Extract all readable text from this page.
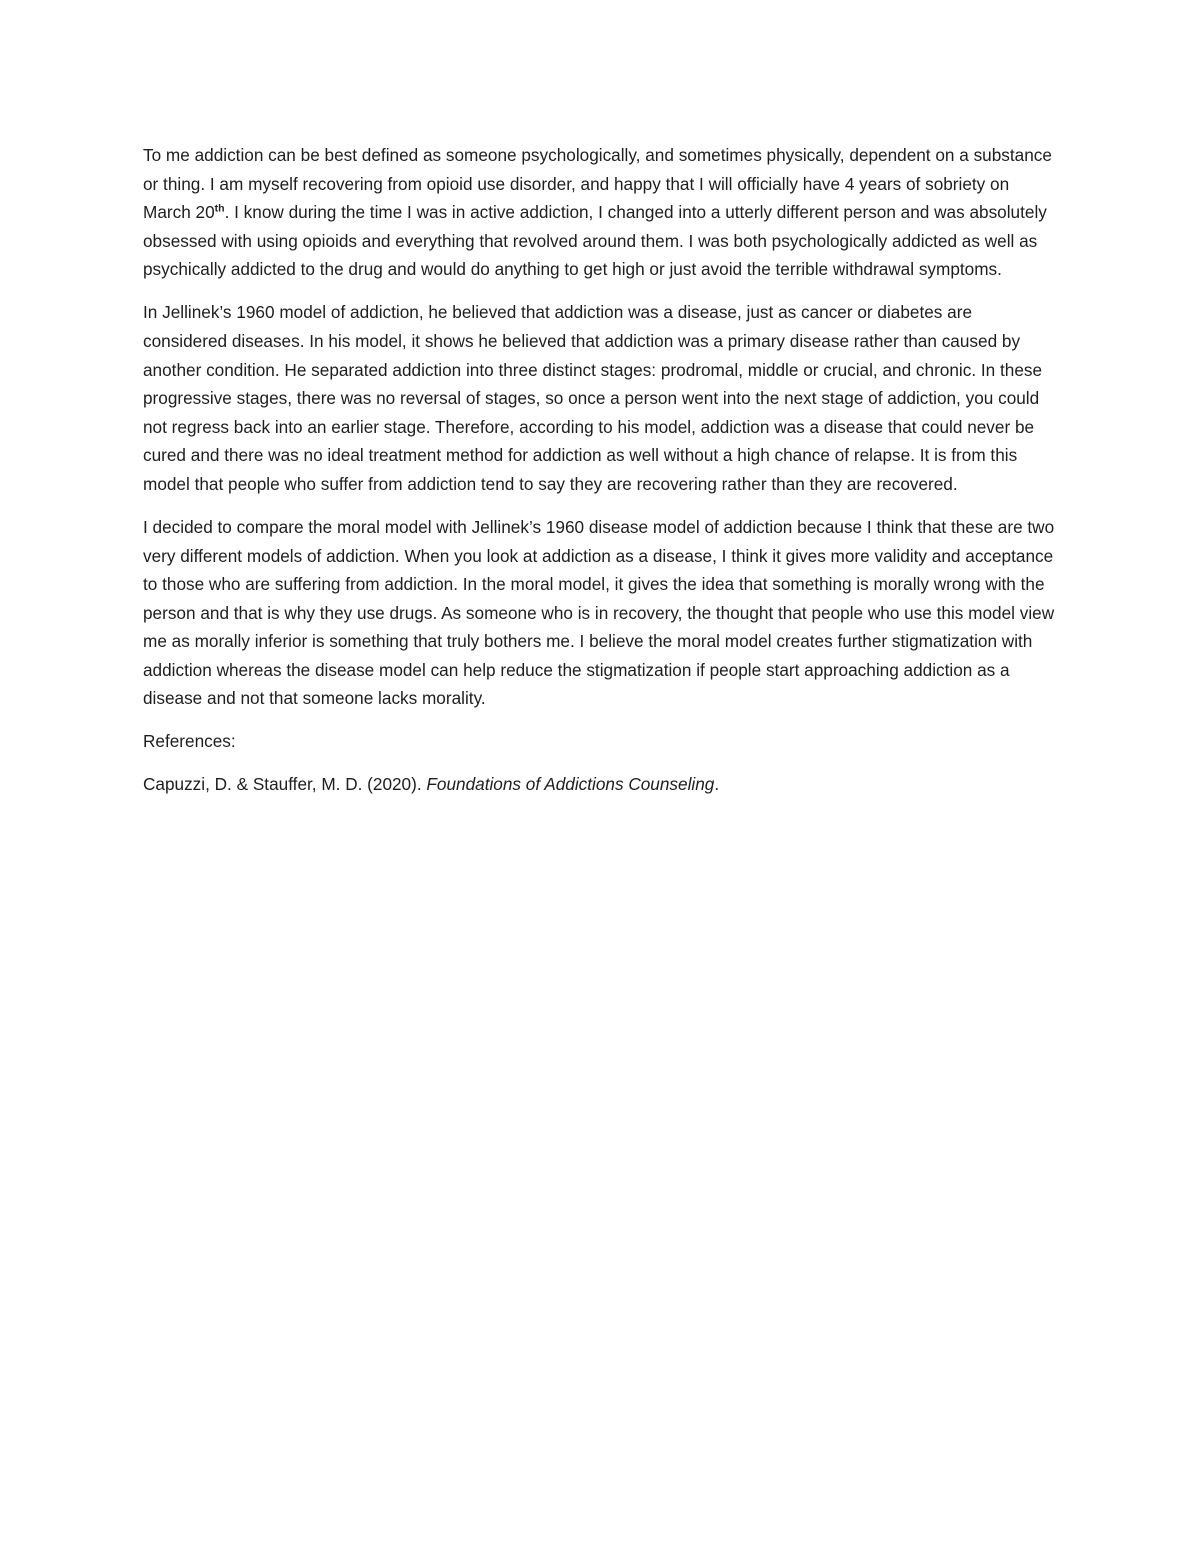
To me addiction can be best defined as someone psychologically, and sometimes physically, dependent on a substance or thing. I am myself recovering from opioid use disorder, and happy that I will officially have 4 years of sobriety on March 20th. I know during the time I was in active addiction, I changed into a utterly different person and was absolutely obsessed with using opioids and everything that revolved around them. I was both psychologically addicted as well as psychically addicted to the drug and would do anything to get high or just avoid the terrible withdrawal symptoms.

In Jellinek’s 1960 model of addiction, he believed that addiction was a disease, just as cancer or diabetes are considered diseases. In his model, it shows he believed that addiction was a primary disease rather than caused by another condition. He separated addiction into three distinct stages: prodromal, middle or crucial, and chronic. In these progressive stages, there was no reversal of stages, so once a person went into the next stage of addiction, you could not regress back into an earlier stage. Therefore, according to his model, addiction was a disease that could never be cured and there was no ideal treatment method for addiction as well without a high chance of relapse. It is from this model that people who suffer from addiction tend to say they are recovering rather than they are recovered.

I decided to compare the moral model with Jellinek’s 1960 disease model of addiction because I think that these are two very different models of addiction. When you look at addiction as a disease, I think it gives more validity and acceptance to those who are suffering from addiction. In the moral model, it gives the idea that something is morally wrong with the person and that is why they use drugs. As someone who is in recovery, the thought that people who use this model view me as morally inferior is something that truly bothers me. I believe the moral model creates further stigmatization with addiction whereas the disease model can help reduce the stigmatization if people start approaching addiction as a disease and not that someone lacks morality.

References:

Capuzzi, D. & Stauffer, M. D. (2020). Foundations of Addictions Counseling.
